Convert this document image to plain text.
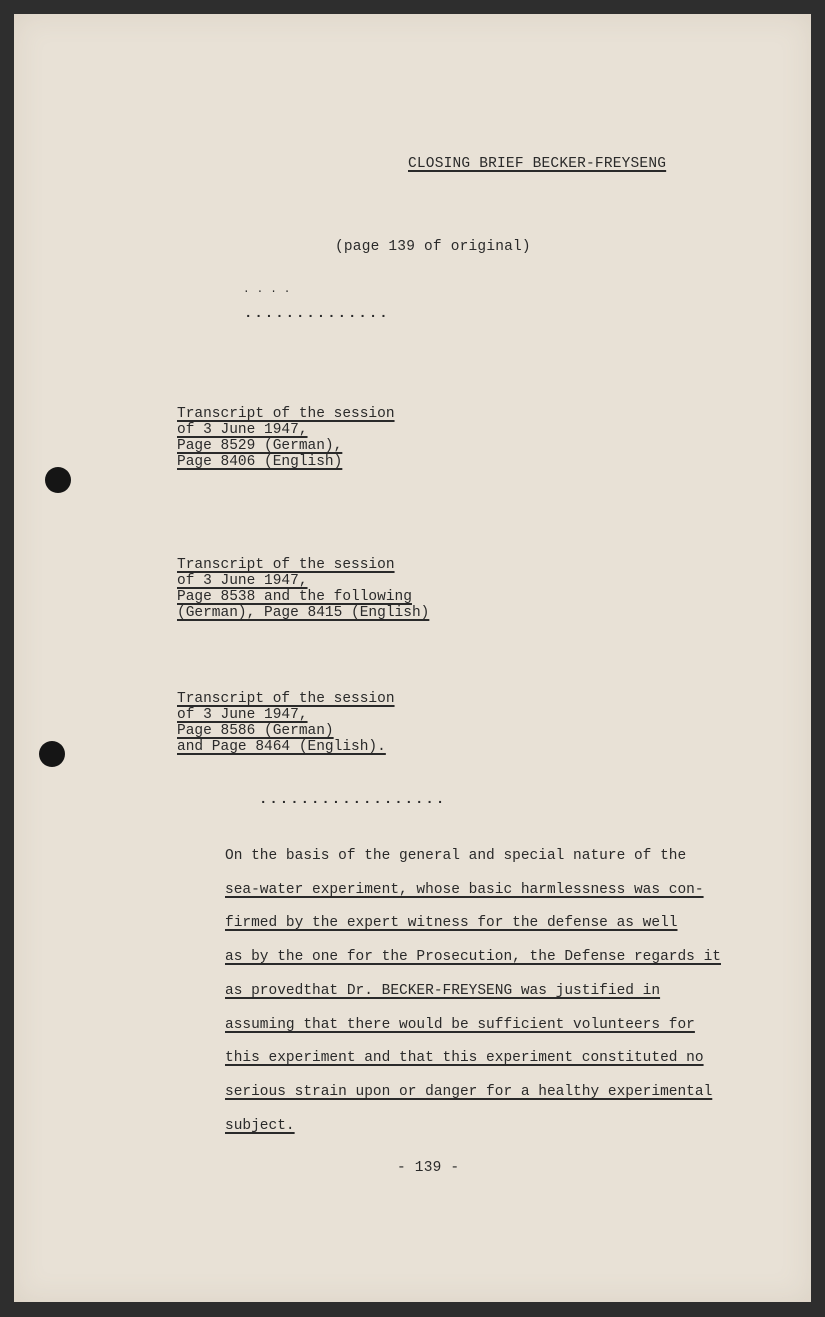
CLOSING BRIEF BECKER-FREYSENG
(page 139 of original)
. . . .
..............
Transcript of the session
of 3 June 1947,
Page 8529 (German),
Page 8406 (English)
Transcript of the session
of 3 June 1947,
Page 8538 and the following
(German), Page 8415 (English)
Transcript of the session
of 3 June 1947,
Page 8586 (German)
and Page 8464 (English).
..................
On the basis of the general and special nature of the
sea-water experiment, whose basic harmlessness was con-
firmed by the expert witness for the defense as well
as by the one for the Prosecution, the Defense regards it
as provedthat Dr. BECKER-FREYSENG was justified in
assuming that there would be sufficient volunteers for
this experiment and that this experiment constituted no
serious strain upon or danger for a healthy experimental
subject.
- 139 -
